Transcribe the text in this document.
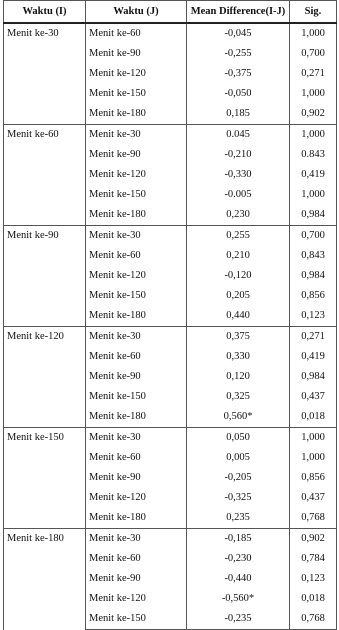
Waktu (I)	Waktu (J)	Mean Difference(I-J)	Sig.
Menit ke-30	Menit ke-60	-0,045	1,000
	Menit ke-90	-0,255	0,700
	Menit ke-120	-0,375	0,271
	Menit ke-150	-0,050	1,000
	Menit ke-180	0,185	0,902
Menit ke-60	Menit ke-30	0.045	1,000
	Menit ke-90	-0,210	0.843
	Menit ke-120	-0,330	0,419
	Menit ke-150	-0.005	1,000
	Menit ke-180	0,230	0,984
Menit ke-90	Menit ke-30	0,255	0,700
	Menit ke-60	0,210	0,843
	Menit ke-120	-0,120	0,984
	Menit ke-150	0,205	0,856
	Menit ke-180	0,440	0,123
Menit ke-120	Menit ke-30	0,375	0,271
	Menit ke-60	0,330	0,419
	Menit ke-90	0,120	0,984
	Menit ke-150	0,325	0,437
	Menit ke-180	0,560*	0,018
Menit ke-150	Menit ke-30	0,050	1,000
	Menit ke-60	0,005	1,000
	Menit ke-90	-0,205	0,856
	Menit ke-120	-0,325	0,437
	Menit ke-180	0,235	0,768
Menit ke-180	Menit ke-30	-0,185	0,902
	Menit ke-60	-0,230	0,784
	Menit ke-90	-0,440	0,123
	Menit ke-120	-0,560*	0,018
	Menit ke-150	-0,235	0,768
